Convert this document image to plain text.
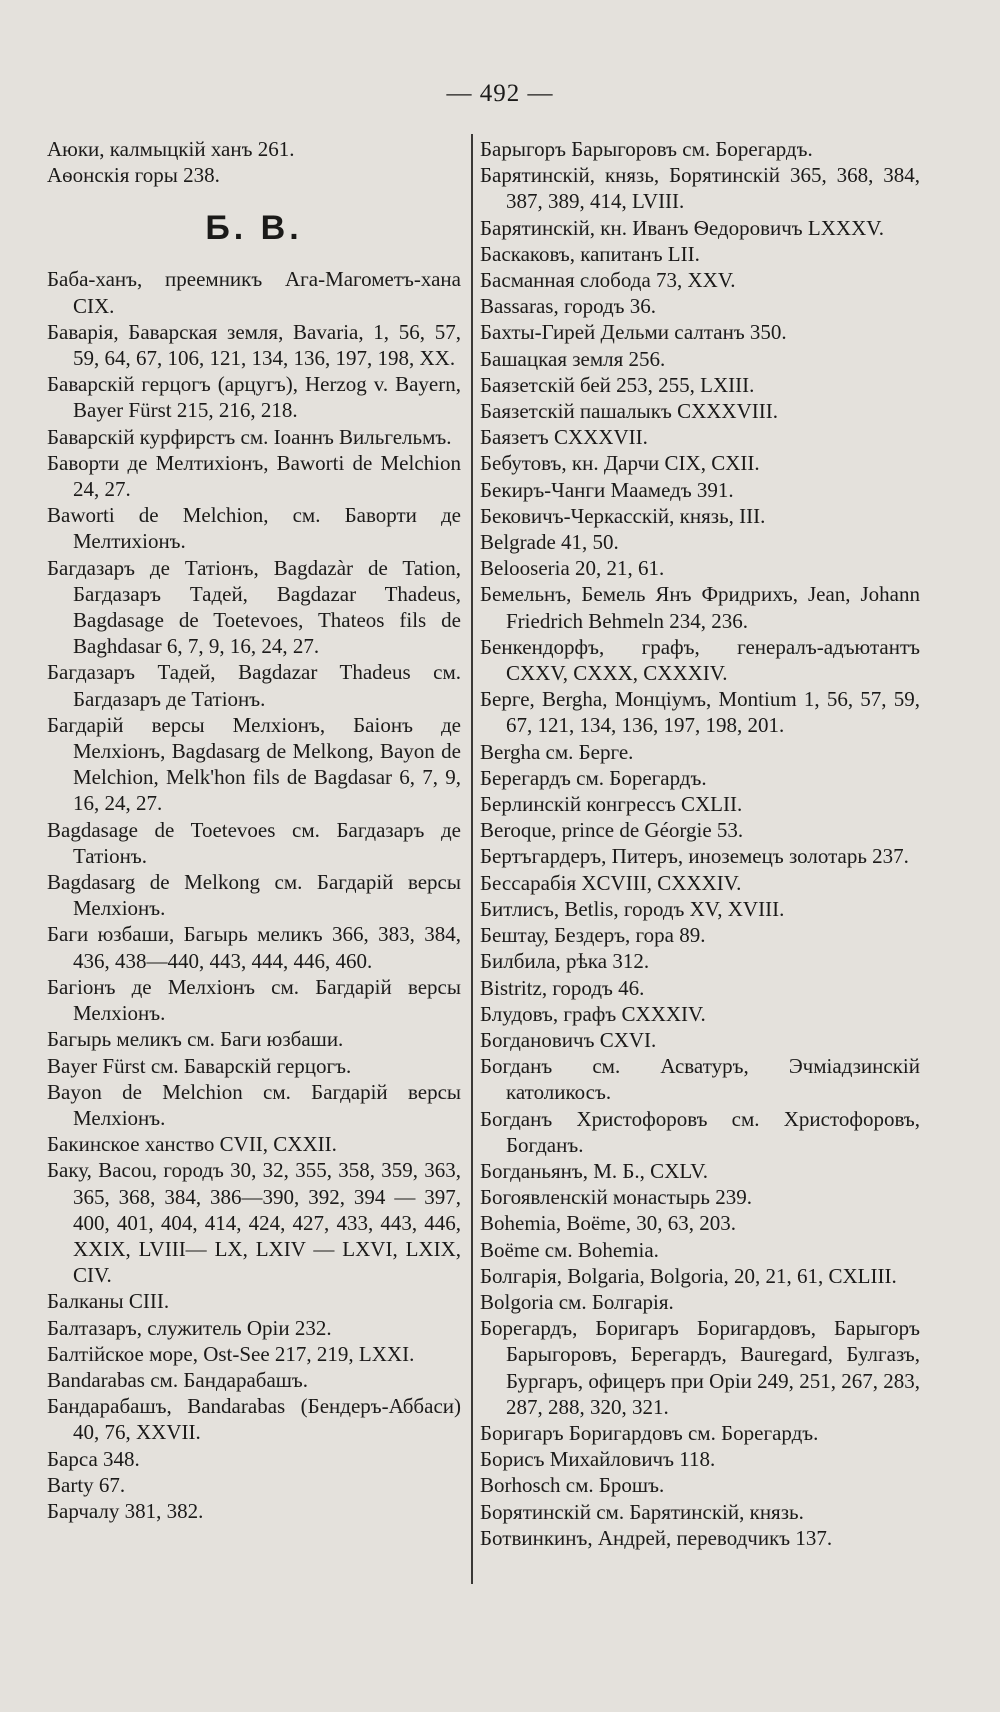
— 492 —
Аюки, калмыцкій ханъ 261.
Аѳонскія горы 238.
Б. В.
Баба-ханъ, преемникъ Ага-Магометъ-хана CIX.
Баварія, Баварская земля, Bavaria, 1, 56, 57, 59, 64, 67, 106, 121, 134, 136, 197, 198, XX.
Баварскій герцогъ (арцугъ), Herzog v. Bayern, Bayer Fürst 215, 216, 218.
Баварскій курфирстъ см. Іоаннъ Вильгельмъ.
Баворти де Мелтиxіонъ, Baworti de Melchion 24, 27.
Baworti de Melchion, см. Баворти де Мелтиxіонъ.
Багдазаръ де Татіонъ, Bagdazàr de Tation, Багдазаръ Тадей, Bagdazar Thadeus, Bagdasage de Toetevoes, Thateos fils de Baghdasar 6, 7, 9, 16, 24, 27.
Багдазаръ Тадей, Bagdazar Thadeus см. Багдазаръ де Татіонъ.
Багдарій версы Мелхіонъ, Баіонъ де Мелxіонъ, Bagdasarg de Melkong, Bayon de Melchion, Melk'hon fils de Bagdasar 6, 7, 9, 16, 24, 27.
Bagdasage de Toetevoes см. Багдазаръ де Татіонъ.
Bagdasarg de Melkong см. Багдарій версы Мелхіонъ.
Баги юзбаши, Багырь меликъ 366, 383, 384, 436, 438—440, 443, 444, 446, 460.
Багіонъ де Мелхіонъ см. Багдарій версы Мелхіонъ.
Багырь меликъ см. Баги юзбаши.
Bayer Fürst см. Баварскій герцогъ.
Bayon de Melchion см. Багдарій версы Мелхіонъ.
Бакинское ханство CVII, CXXII.
Баку, Васоu, городъ 30, 32, 355, 358, 359, 363, 365, 368, 384, 386—390, 392, 394 — 397, 400, 401, 404, 414, 424, 427, 433, 443, 446, XXIX, LVIII— LX, LXIV — LXVI, LXIX, CIV.
Балканы CIII.
Балтазаръ, служитель Оріи 232.
Балтійское море, Ost-See 217, 219, LXXI.
Bandarabas см. Бандарабашъ.
Бандарабашъ, Bandarabas (Бендеръ-Аббаси) 40, 76, XXVII.
Барса 348.
Barty 67.
Барчалу 381, 382.
Барыгоръ Барыгоровъ см. Борегардъ.
Барятинскій, князь, Борятинскій 365, 368, 384, 387, 389, 414, LVIII.
Барятинскій, кн. Иванъ Ѳедоровичъ LXXXV.
Баскаковъ, капитанъ LII.
Басманная слобода 73, XXV.
Bassaras, городъ 36.
Бахты-Гирей Дельми салтанъ 350.
Башацкая земля 256.
Баязетскій бей 253, 255, LXIII.
Баязетскій пашалыкъ CXXXVIII.
Баязетъ CXXXVII.
Бебутовъ, кн. Дарчи CIX, CXII.
Бекиръ-Чанги Маамедъ 391.
Бековичъ-Черкасскій, князь, III.
Belgrade 41, 50.
Belooseria 20, 21, 61.
Бемельнъ, Бемель Янъ Фридрихъ, Jean, Johann Friedrich Behmeln 234, 236.
Бенкендорфъ, графъ, генералъ-адъютантъ CXXV, CXXX, CXXXIV.
Берге, Bergha, Монціумъ, Montium 1, 56, 57, 59, 67, 121, 134, 136, 197, 198, 201.
Bergha см. Берге.
Берегардъ см. Борегардъ.
Берлинскій конгрессъ CXLII.
Beroque, prince de Géorgie 53.
Бертъгардеръ, Питеръ, иноземецъ золотарь 237.
Бессарабія XCVIII, CXXXIV.
Битлисъ, Betlis, городъ XV, XVIII.
Бештау, Бездеръ, гора 89.
Билбила, рѣка 312.
Bistritz, городъ 46.
Блудовъ, графъ CXXXIV.
Богдановичъ CXVI.
Богданъ см. Асватуръ, Эчміадзинскій католикосъ.
Богданъ Христофоровъ см. Христофоровъ, Богданъ.
Богданьянъ, М. Б., CXLV.
Богоявленскій монастырь 239.
Bohemia, Boёme, 30, 63, 203.
Boёme см. Bohemia.
Болгарія, Bolgaria, Bolgoria, 20, 21, 61, CXLIII.
Bolgoria см. Болгарія.
Борегардъ, Боригаръ Боригардовъ, Барыгоръ Барыгоровъ, Берегардъ, Bauregard, Булгазъ, Бургаръ, офицеръ при Оріи 249, 251, 267, 283, 287, 288, 320, 321.
Боригаръ Боригардовъ см. Борегардъ.
Борисъ Михайловичъ 118.
Borhosch см. Брошъ.
Борятинскій см. Барятинскій, князь.
Ботвинкинъ, Андрей, переводчикъ 137.
